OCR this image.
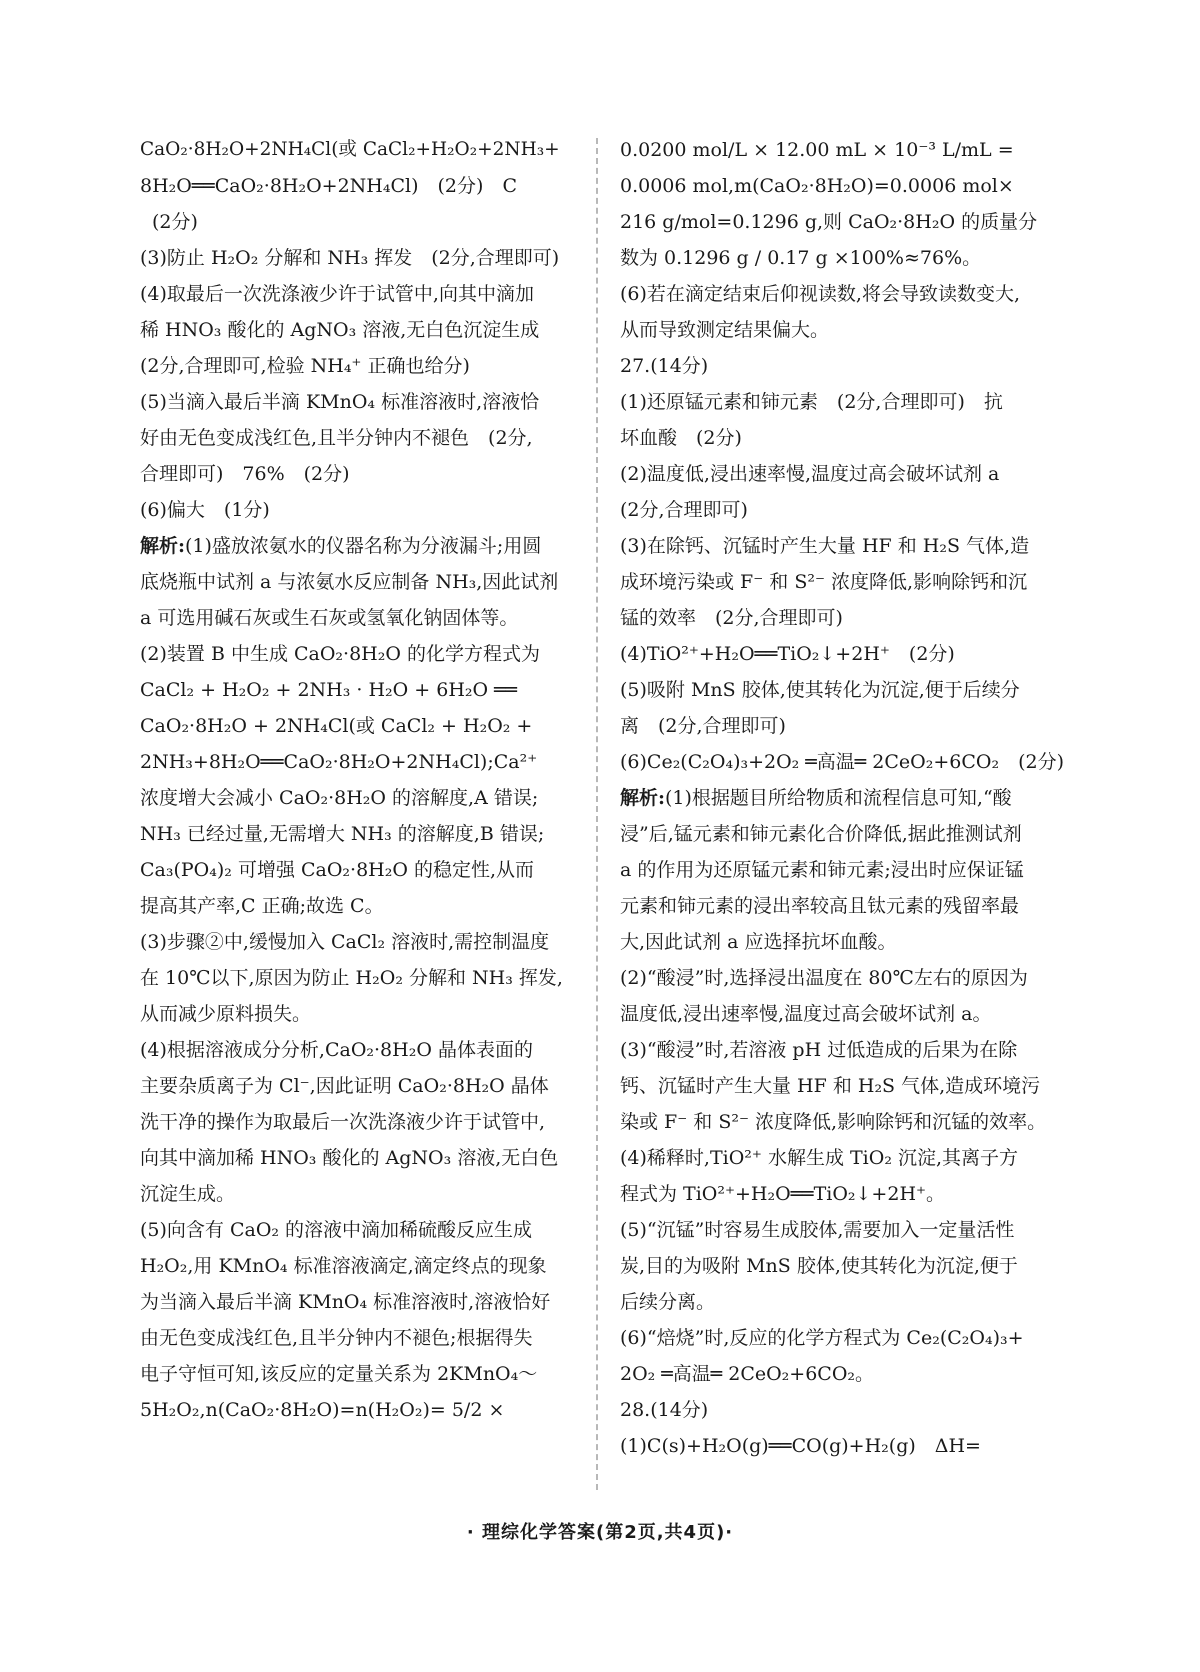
CaO₂·8H₂O+2NH₄Cl(或 CaCl₂+H₂O₂+2NH₃+
8H₂O══CaO₂·8H₂O+2NH₄Cl)　(2分)　C
(2分)
(3)防止 H₂O₂ 分解和 NH₃ 挥发　(2分,合理即可)
(4)取最后一次洗涤液少许于试管中,向其中滴加
稀 HNO₃ 酸化的 AgNO₃ 溶液,无白色沉淀生成
(2分,合理即可,检验 NH₄⁺ 正确也给分)
(5)当滴入最后半滴 KMnO₄ 标准溶液时,溶液恰
好由无色变成浅红色,且半分钟内不褪色　(2分,
合理即可)　76%　(2分)
(6)偏大　(1分)
解析:(1)盛放浓氨水的仪器名称为分液漏斗;用圆
底烧瓶中试剂 a 与浓氨水反应制备 NH₃,因此试剂
a 可选用碱石灰或生石灰或氢氧化钠固体等。
(2)装置 B 中生成 CaO₂·8H₂O 的化学方程式为
CaCl₂ + H₂O₂ + 2NH₃ · H₂O + 6H₂O ══
CaO₂·8H₂O + 2NH₄Cl(或 CaCl₂ + H₂O₂ +
2NH₃+8H₂O══CaO₂·8H₂O+2NH₄Cl);Ca²⁺
浓度增大会减小 CaO₂·8H₂O 的溶解度,A 错误;
NH₃ 已经过量,无需增大 NH₃ 的溶解度,B 错误;
Ca₃(PO₄)₂ 可增强 CaO₂·8H₂O 的稳定性,从而
提高其产率,C 正确;故选 C。
(3)步骤②中,缓慢加入 CaCl₂ 溶液时,需控制温度
在 10℃以下,原因为防止 H₂O₂ 分解和 NH₃ 挥发,
从而减少原料损失。
(4)根据溶液成分分析,CaO₂·8H₂O 晶体表面的
主要杂质离子为 Cl⁻,因此证明 CaO₂·8H₂O 晶体
洗干净的操作为取最后一次洗涤液少许于试管中,
向其中滴加稀 HNO₃ 酸化的 AgNO₃ 溶液,无白色
沉淀生成。
(5)向含有 CaO₂ 的溶液中滴加稀硫酸反应生成
H₂O₂,用 KMnO₄ 标准溶液滴定,滴定终点的现象
为当滴入最后半滴 KMnO₄ 标准溶液时,溶液恰好
由无色变成浅红色,且半分钟内不褪色;根据得失
电子守恒可知,该反应的定量关系为 2KMnO₄～
5H₂O₂,n(CaO₂·8H₂O)=n(H₂O₂)= 5/2 ×
0.0200 mol/L × 12.00 mL × 10⁻³ L/mL =
0.0006 mol,m(CaO₂·8H₂O)=0.0006 mol×
216 g/mol=0.1296 g,则 CaO₂·8H₂O 的质量分
数为 0.1296 g / 0.17 g ×100%≈76%。
(6)若在滴定结束后仰视读数,将会导致读数变大,
从而导致测定结果偏大。
27.(14分)
(1)还原锰元素和铈元素　(2分,合理即可)　抗
坏血酸　(2分)
(2)温度低,浸出速率慢,温度过高会破坏试剂 a
(2分,合理即可)
(3)在除钙、沉锰时产生大量 HF 和 H₂S 气体,造
成环境污染或 F⁻ 和 S²⁻ 浓度降低,影响除钙和沉
锰的效率　(2分,合理即可)
(4)TiO²⁺+H₂O══TiO₂↓+2H⁺　(2分)
(5)吸附 MnS 胶体,使其转化为沉淀,便于后续分
离　(2分,合理即可)
(6)Ce₂(C₂O₄)₃+2O₂ ═高温═ 2CeO₂+6CO₂　(2分)
解析:(1)根据题目所给物质和流程信息可知,“酸
浸”后,锰元素和铈元素化合价降低,据此推测试剂
a 的作用为还原锰元素和铈元素;浸出时应保证锰
元素和铈元素的浸出率较高且钛元素的残留率最
大,因此试剂 a 应选择抗坏血酸。
(2)“酸浸”时,选择浸出温度在 80℃左右的原因为
温度低,浸出速率慢,温度过高会破坏试剂 a。
(3)“酸浸”时,若溶液 pH 过低造成的后果为在除
钙、沉锰时产生大量 HF 和 H₂S 气体,造成环境污
染或 F⁻ 和 S²⁻ 浓度降低,影响除钙和沉锰的效率。
(4)稀释时,TiO²⁺ 水解生成 TiO₂ 沉淀,其离子方
程式为 TiO²⁺+H₂O══TiO₂↓+2H⁺。
(5)“沉锰”时容易生成胶体,需要加入一定量活性
炭,目的为吸附 MnS 胶体,使其转化为沉淀,便于
后续分离。
(6)“焙烧”时,反应的化学方程式为 Ce₂(C₂O₄)₃+
2O₂ ═高温═ 2CeO₂+6CO₂。
28.(14分)
(1)C(s)+H₂O(g)══CO(g)+H₂(g)　ΔH=
· 理综化学答案(第2页,共4页)·
